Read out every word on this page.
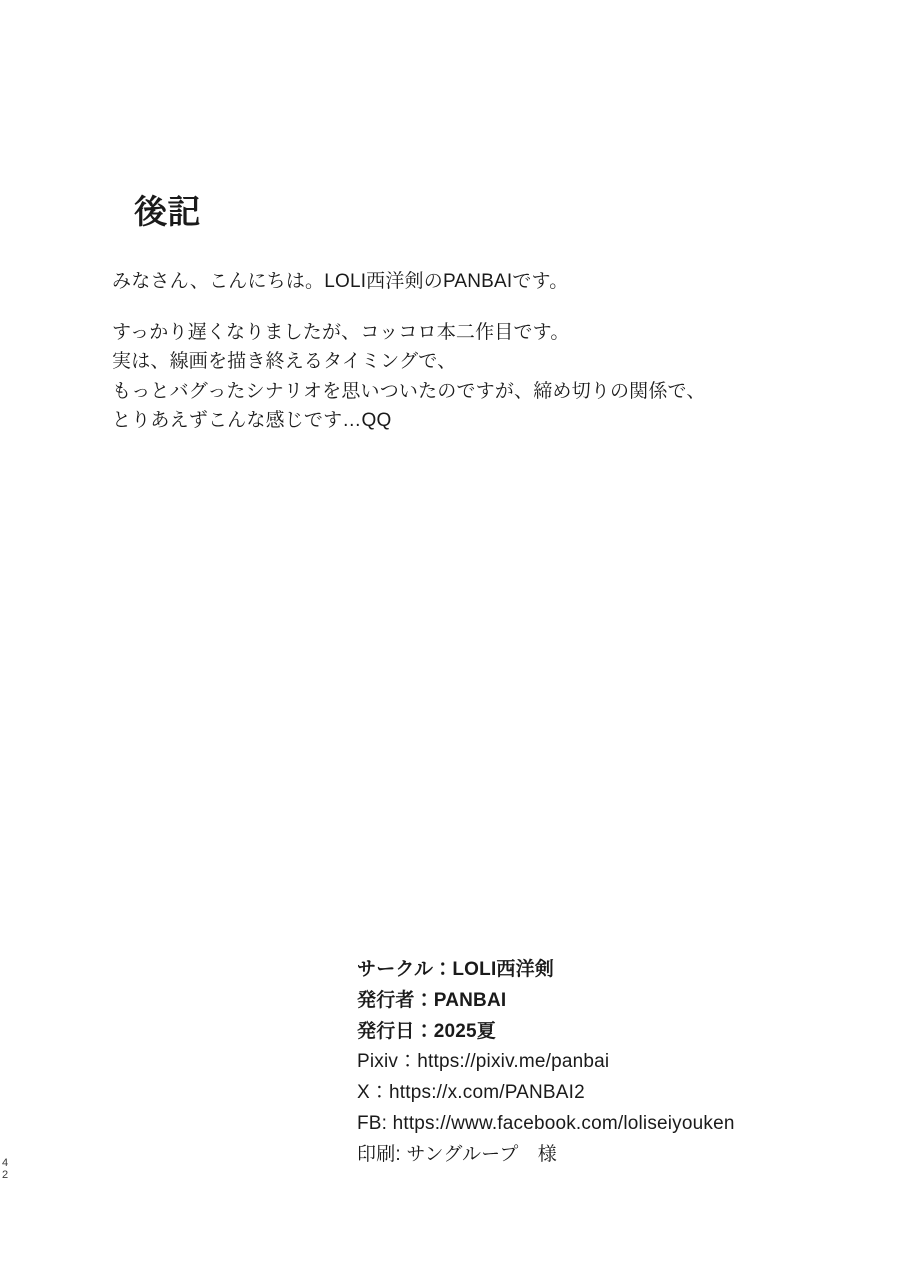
後記

みなさん、こんにちは。LOLI西洋剣のPANBAIです。

すっかり遅くなりましたが、コッコロ本二作目です。
実は、線画を描き終えるタイミングで、
もっとバグったシナリオを思いついたのですが、締め切りの関係で、
とりあえずこんな感じです…QQ
サークル：LOLI西洋剣
発行者：PANBAI
発行日：2025夏
Pixiv：https://pixiv.me/panbai
X：https://x.com/PANBAI2
FB: https://www.facebook.com/loliseiyouken
印刷: サングループ　様
4
2
